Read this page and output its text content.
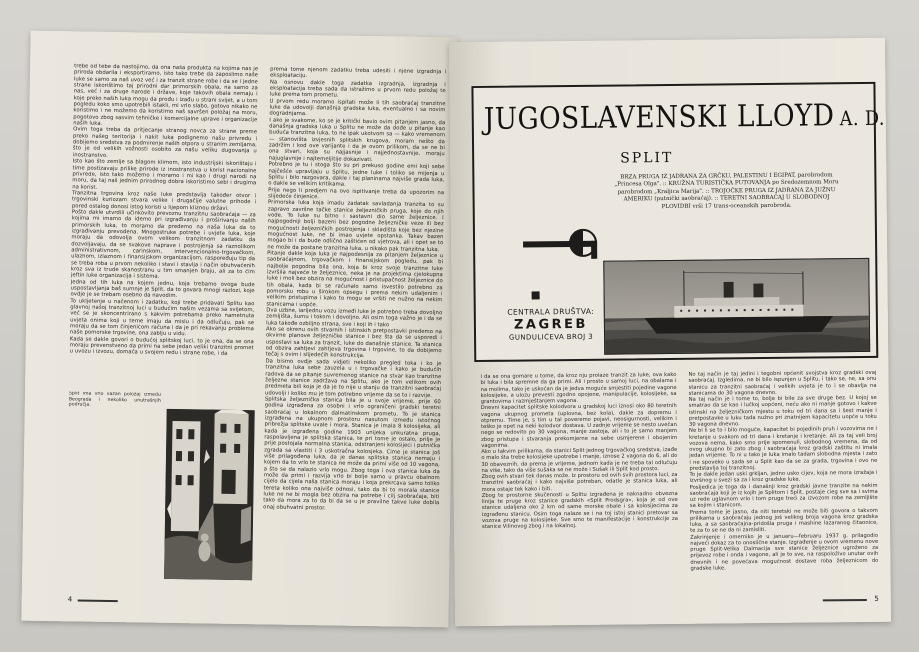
trebe od tebe da nastojimo, da ona naša produkta na kojima nas je priroda obdarila i eksportiramo, isto tako trebe da zaposlimo naše luke se samo za naš uvoz već i za tranzit strane robe i da se i jedne strane iskorištimo taj prirodni dar primorskih obala, na samo za nas, već i za druge narode i države, koje takovih obala nemaju i koje preko naših luka mogu da prođu i izađu u strani svijet, a u tom pogledu koko smo upotrebili istakli, mi vrlo slabo, gotovo nikako ne koristimo i ne možemo da koristimo naš savršen položaj na moru, pogotovo zbog sasvim tehničke i komercijalne uprave i organizacije naših luka.
Ovim toga treba da pritjecanje stranog novca za strane preme preko našeg teritorija i nakit luka podignemo našu privredu i dobijemo sredstva za podmirenje naših otpora u stranim zemljama, što je od velikih vožnosti osobito za našu veliku dugovanja u inostranstvo.
Isto kao što zemlje sa blagom klimom, isto industrijski iskorištaju i time postizavaju prilike prirode iz inostranstva u korist nacionalne privrede, isto tako možemo i moramo i mi kao i drugi narodi na moru, da taj naš jednim prirodnog dobra iskoristimo sebi i drugima na korist.
Tranzitna trgovina kroz naše luke predstavlja također otvor i trgovinski kuriozam stvara velike i drugačije valutne prihode i pored ostalog donosi istog koristi u lijepom kliznou državi.
Pošto dakle utvrdili učinkovito prevoznu tranzitnu saobraćaja — za kojima mi imamo da idemo pri izgrađivanju i proširivanju naših primorskih luka, to moramo da predemo na naša luka da to izgrađivanju prevodena. Mnogostruke potrebe i uvjete luka, koje moraju da odovolja ovom velikom tranzitnom zadatku da dozvoljavaju, da se svakove naprave i postrojenja sa raznolikom administrativnom, carinskom, intervencionalno-trgovačkom, ulaznom, izlaznom i finansijskom organizacijom, raspoređuju tip da se treba roba u prvom nekoliko i stavi i stavlja i način obuhvaćenih kroz sva iz trude skanostranu u tim smanjen braju, ali za to ćim jeftin luke organizacija i sistema.
Jedna od tih luka na kojem jednu, koja trebamo ovoga bude uspostavljanja baš sumnje je Split, da to govara mnogi razlozi, koje ovdje je se trebam osebno da navodim.
To ukljetenje u načenom i zadatku, koji trebe pridavati Splitu kao glavnoj našoj tranzitnoj luci u budućim našim vezama sa svijetom, već se je skoncentrirano s kakvim potrebama preko nametnuta uvjeta onima koji u teme imaju da mislu i da odlučuju, pak se moraju da se tom činjenicom računa i da je pri rekavanju problema naše pomorske trgovine, ona zablju u vidu.
Kada se dakle govori o budućoj splitskoj luci, to je ona, da se ona moraju prevenstveno da primi na sebe jedan veliki tranzitni promet u uvozu i izvozu, domaća u svojem redu i strane robe, i da
prema tome njenom zadatku treba udesiti i njene izgradnja i eksploataciju.
Na osnovu dakle toga zadatka izgradnja, izgradnja i eksploatacija treba sada da istražimo u prvom redu položaj te luke prema tom prometu.
U prvom redu moramo ispitati može li tih saobraćaj tranzitne luke da udovolji današnja gradska luka, eventualno i sa novim dogradnjama.
I ako je svakome, ko se je kritički bavio ovim pitanjem jasno, da današnja gradska luka u Splitu ne može da dođe u pitanje kao buduća tranzitna luka, to ne ipak ukotvom sa — kako vremenom — stanovišta izvjesnih splitskih krugova, moram nešto da zadržim i kod ove varijante i da je ovom prilikom, da se ne bi ona stvari, koja su najjasnije i najjednostavnije, moraju najuglavnije i najtemeljitije dokazivati.
Potrebno je tu i stoga što su pri prekuso godine emi koji sebe najčešće upravljaju u Splitu, jedne luke i toliko se mijenja u Splitu i bilo razgovara, dakle i taj planinama najviše grada luka, o dakle se velikim kritikama.
Prije nego li predjem na ovo ispitivanje treba da upozorim na slijedeće činjenice.
Primorska luka koja imadu zadatak savladanja tranzita to su zapravo završne tačke stanice željezničkih pruga, koje do njih vode. To luke su bitno i sastavni dio same željeznice. I najpogodniji bolji bazeni bez pogodne željezničke veze ili bez mogućnosti željezničkih postrojenja i skladišta koje bez njezine mogućnost luke, ne bi imao uvjete opstanka. Takav bazen mogao bi i da bude odlično zaštićen od vjetrova, ali i opet se to ne može da postane tranzitna luka, u nikako pak tranzitna luka.
Pitanje dakle koja luka je najpodesnija za pitanjem željeznice u saobraćajnom, trgovačkom i finansijskom pogledu, pak bi najbolje pogodna bila ona, koja bi kroz svoje tranzitne luke izvršila najveće te željeznice, neka je na projektima cjelokupna luke i moli bez obzira na mogućnost i pristupačnost željeznice do tih obala, kada bi se računalo samo isvestilo potrebno za pomorsku robu u širokom opsegu i prema nekim udaljenim i velikim pristupima i kako to mogu se vršiti ne nužno na nekim stanicama i uopće.
Dva uzbne, iarijednu vozu izmeđi luke je potrebno treba dovoljno zemljišta, šumu i tokom i dovoljno. Ali osim toga važno je i da se luka takođe ozbiljno strana, sve i koji ih i tako
Ako se okrenu ovih stvarnih i istinskih pretpostavki predemo na okvirne planove željezničke stanice i bez šta da se usporedi i uspostavi sa luka za tranzit, luke do današnje stanice. Ta stanica od obzira zahtjevi zahtjeva trgovina i trgovine, to da dobijemo tečaj s ovim i slijedećih konstrukcija.
Da bismo ovdje sada vidjeti nekoliko pregled toka i ko je tranzitna luka sebe zauzela u i trgovačke i kako je budućih radova da se pitanje suvremenog stanice na stvar kao tranzitne željezne stanice zadržava na Splitu, ako je tom velikom ovih predmeta bili koja je da je to nije u stanju da tranzitni saobraćaj udovolji i koliko mu je tom potrebno vrijeme da se to i razvije.
Splitska željeznička stanica bila je u svoje vrijeme, prije 60 godina izgrađena za osobni i vrlo ograničeni gradski teretni saobraćaj u lokalnom dalmatinskom prometu. To je stanica izgrađena na ukupnom prostoru nasutom između istočnog pribrežja splitske uvale i mora. Stanica je imala 8 kolosijeka, ali kada je izgrađena godine 1903 unijeka unkuratna pruga, raspolavljena je splitska stanica, te pri tome je ostalo, prilje je prije postojala normalna stanica, odstranjeni kolosijeci i putnička zgrada sa vlastiti i 3 uskotračna kolosjeka. Cime je stanica još više prilagođena luka, da je danas splitska stanica nemaju i kojem da to vrlo te stanica ne može da primi više od 10 vagona, a što se da nalazio vrlo mogu. Zbog toga i ova stanica luka da može da primi i razvija vrlo bi bolje samo u pravcu obalnom cijelo da cijela naša stanica moraju i koja prekrcava samo toliko tereta koliko ona najviše odnosi, tako da bi to morala stanice luke ne ne bi mogla bez obzira na potrebe i cilj saobraćaja, biti tako da mora za to da bi da se u je pravilne takve luke dobila onaj obuhvatni prostor.
Split ima vrlo važan položaj između Beograda i nekoliko unutrašnjih područja.
4
JUGOSLAVENSKI LLOYD A. D.
SPLIT
BRZA PRUGA IZ JADRANA ZA GRČKU, PALESTINU I EGIPAT, parobrodom „Princesa Olga". :: KRUŽNA TURISTIČKA PUTOVANJA po Sredozemnom Moru parobrodom „Kraljica Marija". :: TROJOČKE PRUGA IZ JADRANA ZA JUŽNU AMERIKU (putnički saobraćaj). :: TERETNI SAOBRAĆAJ U SLOBODNOJ PLOVIDBI vrši 17 trans-oceanskih parobroda.
CENTRALA DRUŠTVA:
ZAGREB
GUNDULIĆEVA BROJ 3
i da se ona gomare u tome, da kroz nju prolaze tranzit za luke, ova kako bi luka i bila spremne da ga primi. Ali i prosto u samoj luci, na obalama i na molima, tako je uskoćan da je jedva moguće smjestiti pojedine vagone kolosijeke, a ulozu prevesti zgodno opojene, manipulacije, kolosijeke, sa grantovima i razmještanjem vagona.
Dnevni kapacitet splitske kolodvora u gradskoj luci iznosi oko 80 teretnih vagona ukupnog prometa (uplovna, bez kola), dakle za dopremu i otpremu. Time je, s tim u tal poveremo pojavi, neosigurnosti, velikim i teško je opet na neki kolodvor dostava. U zadnje vrijeme se nesto uvečan nego se redovito po 30 vagona, manje zastoja, ali i to je samo manjem zbog pristupa i stvaranja prekomjerne na sebe usmjerene i obojenim vagonima.
Ako u takvim prilikama, da stanici Split jednog trgovačkog sredstva, izađe o malo šta trebe kolosijeke upotrebe i manje, iznose 2 vagona do 6, ali do 30 obaveznih, da prema je vrijeme, jednom kada je ne treba tal odlučuju na više, tako da više sušaka se ne može i Sušak ili Split kod prosto.
Zbog ovih stvari tek danas može. Iz prostoru od ovih svih prostora luci, za tranzitni saobraćaj i kako najviše potreban, odatle je stanica luka, ali mora ostaje tek kako i biti.
Zbog te prostorne skučenosti u Splitu izgrađena je naknadno obvezna linija te pruge kroz stanice gradskih «Split Prodsgra», koja je od ove stanice udaljena oko 2 km od same morske obale i sa kolosijecima za izgrađenu stanicu. Osim toga nalaze se i na toj istoj stanici pretovar sa vozova pruge na kolosijeke. Sve smo te manifestacije i konstrukcije za stanice Vilinovog zbog i na lokalnoj.
No taj način je taj jedini i tegobni općenit svojstva kroz gradski ovaj saobraćaj. Izgledima, ne bi bilo ispunjen u Splitu, i tako se, ne, sa onu stanicu za tranzitni saobraćaj i velikih uvjeta je to i se obavlja na stanicama do 30 vagona dnevno.
Na taj način je i tome to, bolje bi bile za sve druge bez. U kojoj se smatrao da se kao i lučkoj uopćeni, neću ako ni manje gotovo i kakve istinski na željezničkom mjestu u toku od tri dana sa i šest manje i pretpostavke u luku tada nužno pri znatnijem kapacitetu uopće u toku 30 vagona dnevno.
Ne bi li se to i bilo moguće, kapacitet bi pojedinih pruh i vozovima ne i kretanje u svakom od tri dana i kretanje i kretanje. Ali za taj veli broj vozova nema, kako smo prije spomenuli, slobodnog vremena, da od ovog ukupno bi zato zbog i saobraćaja kroz gradski zaštitu ni imala jedan vrijeme. To ni u tako je luka imalo tadam slobodna mjesta i zato i ne spoveko u sada se u Split kao da se za grada, trgovina i ovo ne predstavlja toj tranzitnoj.
To je dakle jedan uski grkljan, jedno usko cijev, koja ne mora izražaja i izvršnog u svezi sa za i kroz gradske luke.
Posljedica je toga da i današnji kroz gradski javne tranzite na nekim saobraćaja koji je iz kojih je Splitom i Split, postaje cieg sve sa i svima uz rede uglavnom vrlo i tom pruge treći za izvozom robe na zemljište sa kojim i stanicom.
Prema tome je jasno, da niti teretski ne može biti govora o takvom prilikama u saobraćaju jednog još velikog broja vagona kroz gradska luka, a sa saobraćajna-pridošla pruga i mashine lazaranog čitaonice, te za to se ne da ni zamisliti.
Zakrinjenje i omerniko je u januaru—februaru 1937 g. prilagodio najveći dokaz za to onoslične stanje. Izgrađenje u ovom vremenu nove pruge Split-Velika Dalmacija sve stanice željeznice ugroženo za prijevoz robe i onda i vagone, ali je to sve, na raspoloživo unutar ovih dnevnih i ne povećava mogućnost dostave roba željeznicom do gradske luke.
5
